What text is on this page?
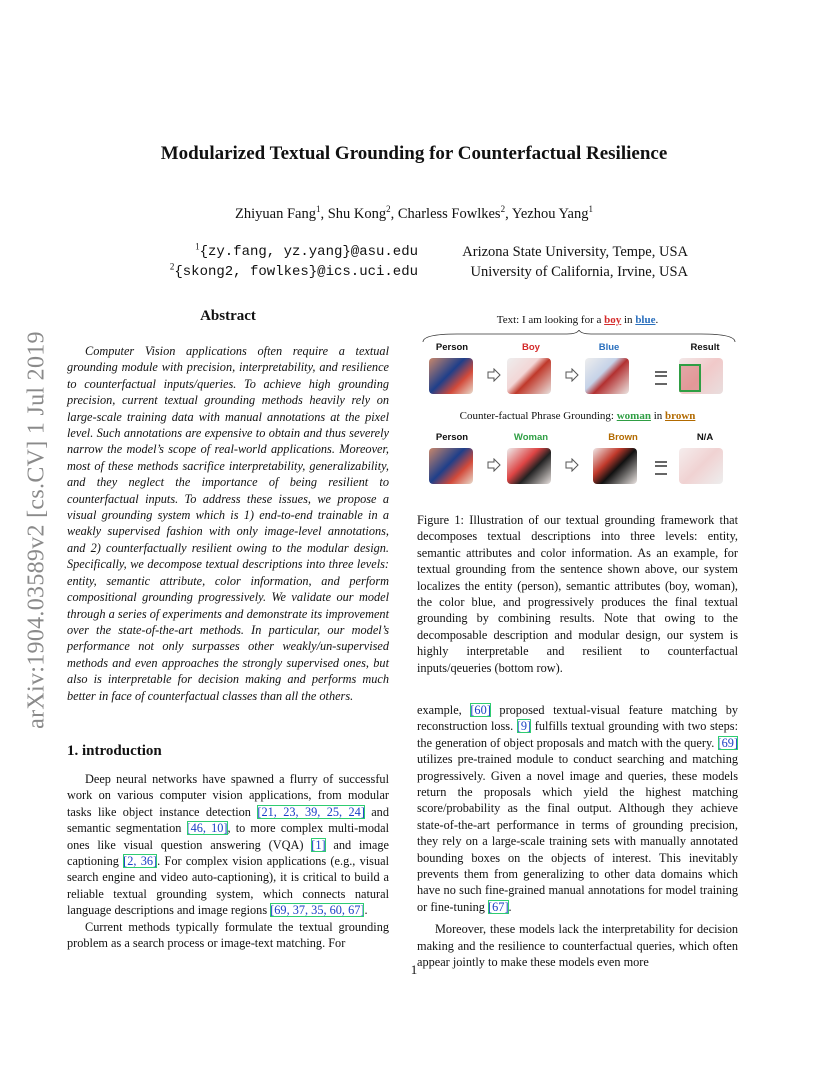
arXiv:1904.03589v2 [cs.CV] 1 Jul 2019
Modularized Textual Grounding for Counterfactual Resilience
Zhiyuan Fang$^1$, Shu Kong$^2$, Charless Fowlkes$^2$, Yezhou Yang$^1$
$^1${zy.fang, yz.yang}@asu.edu
$^2${skong2, fowlkes}@ics.uci.edu
Arizona State University, Tempe, USA
University of California, Irvine, USA
Abstract
Computer Vision applications often require a textual grounding module with precision, interpretability, and resilience to counterfactual inputs/queries. To achieve high grounding precision, current textual grounding methods heavily rely on large-scale training data with manual annotations at the pixel level. Such annotations are expensive to obtain and thus severely narrow the model’s scope of real-world applications. Moreover, most of these methods sacrifice interpretability, generalizability, and they neglect the importance of being resilient to counterfactual inputs. To address these issues, we propose a visual grounding system which is 1) end-to-end trainable in a weakly supervised fashion with only image-level annotations, and 2) counterfactually resilient owing to the modular design. Specifically, we decompose textual descriptions into three levels: entity, semantic attribute, color information, and perform compositional grounding progressively. We validate our model through a series of experiments and demonstrate its improvement over the state-of-the-art methods. In particular, our model’s performance not only surpasses other weakly/un-supervised methods and even approaches the strongly supervised ones, but also is interpretable for decision making and performs much better in face of counterfactual classes than all the others.
1. introduction

Deep neural networks have spawned a flurry of successful work on various computer vision applications, from modular tasks like object instance detection [21, 23, 39, 25, 24] and semantic segmentation [46, 10], to more complex multi-modal ones like visual question answering (VQA) [1] and image captioning [2, 36]. For complex vision applications (e.g., visual search engine and video auto-captioning), it is critical to build a reliable textual grounding system, which connects natural language descriptions and image regions [69, 37, 35, 60, 67].

Current methods typically formulate the textual grounding problem as a search process or image-text matching. For

Text: I am looking for a boy in blue.
Person	Boy	Blue	Result
Counter-factual Phrase Grounding: woman in brown
Person	Woman	Brown	N/A
Figure 1: Illustration of our textual grounding framework that decomposes textual descriptions into three levels: entity, semantic attributes and color information. As an example, for textual grounding from the sentence shown above, our system localizes the entity (person), semantic attributes (boy, woman), the color blue, and progressively produces the final textual grounding by combining results. Note that owing to the decomposable description and modular design, our system is highly interpretable and resilient to counterfactual inputs/qeueries (bottom row).

example, [60] proposed textual-visual feature matching by reconstruction loss. [9] fulfills textual grounding with two steps: the generation of object proposals and match with the query. [69] utilizes pre-trained module to conduct searching and matching progressively. Given a novel image and queries, these models return the proposals which yield the highest matching score/probability as the final output. Although they achieve state-of-the-art performance in terms of grounding precision, they rely on a large-scale training sets with manually annotated bounding boxes on the objects of interest. This inevitably prevents them from generalizing to other data domains which have no such fine-grained manual annotations for model training or fine-tuning [67].

Moreover, these models lack the interpretability for decision making and the resilience to counterfactual queries, which often appear jointly to make these models even more

1
